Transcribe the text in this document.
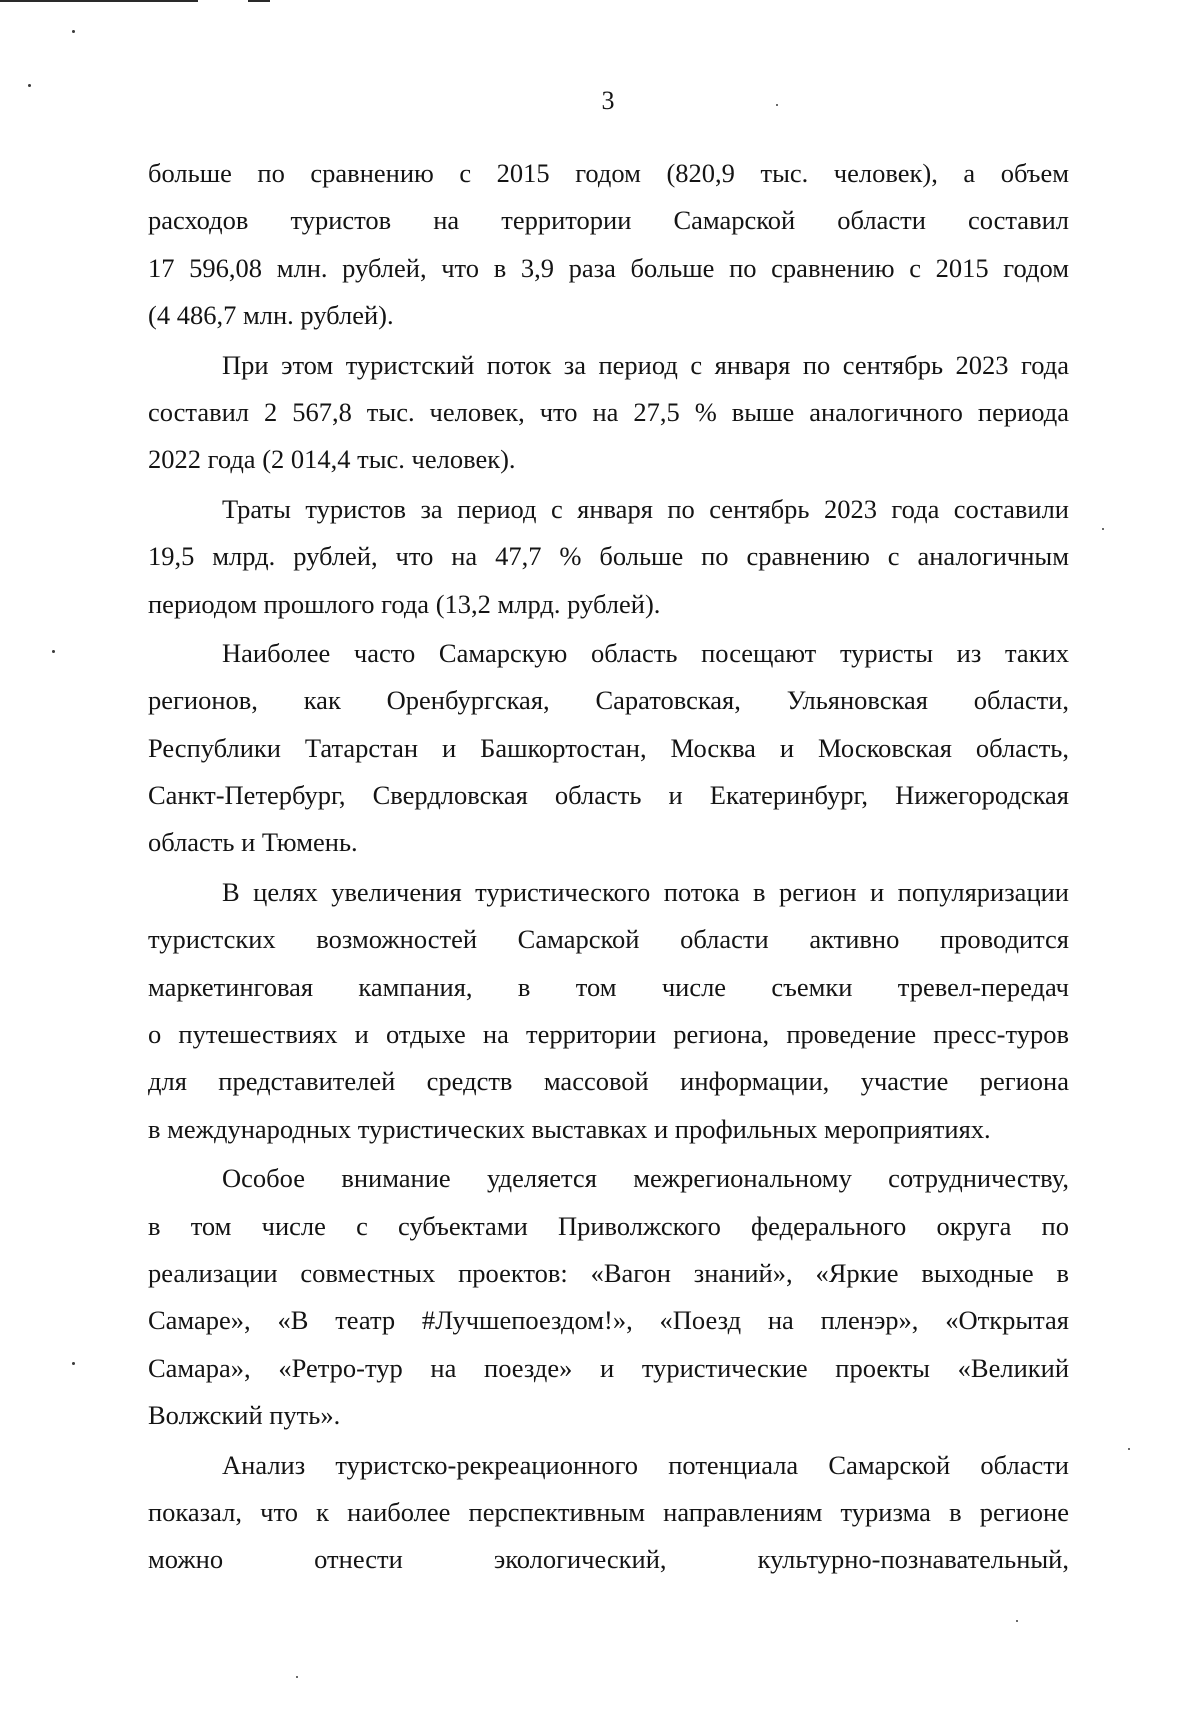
3
больше по сравнению с 2015 годом (820,9 тыс. человек), а объем
расходов туристов на территории Самарской области составил
17 596,08 млн. рублей, что в 3,9 раза больше по сравнению с 2015 годом
(4 486,7 млн. рублей).
При этом туристский поток за период с января по сентябрь 2023 года
составил 2 567,8 тыс. человек, что на 27,5 % выше аналогичного периода
2022 года (2 014,4 тыс. человек).
Траты туристов за период с января по сентябрь 2023 года составили
19,5 млрд. рублей, что на 47,7 % больше по сравнению с аналогичным
периодом прошлого года (13,2 млрд. рублей).
Наиболее часто Самарскую область посещают туристы из таких
регионов, как Оренбургская, Саратовская, Ульяновская области,
Республики Татарстан и Башкортостан, Москва и Московская область,
Санкт-Петербург, Свердловская область и Екатеринбург, Нижегородская
область и Тюмень.
В целях увеличения туристического потока в регион и популяризации
туристских возможностей Самарской области активно проводится
маркетинговая кампания, в том числе съемки тревел-передач
о путешествиях и отдыхе на территории региона, проведение пресс-туров
для представителей средств массовой информации, участие региона
в международных туристических выставках и профильных мероприятиях.
Особое внимание уделяется межрегиональному сотрудничеству,
в том числе с субъектами Приволжского федерального округа по
реализации совместных проектов: «Вагон знаний», «Яркие выходные в
Самаре», «В театр #Лучшепоездом!», «Поезд на пленэр», «Открытая
Самара», «Ретро-тур на поезде» и туристические проекты «Великий
Волжский путь».
Анализ туристско-рекреационного потенциала Самарской области
показал, что к наиболее перспективным направлениям туризма в регионе
можно отнести экологический, культурно-познавательный,
